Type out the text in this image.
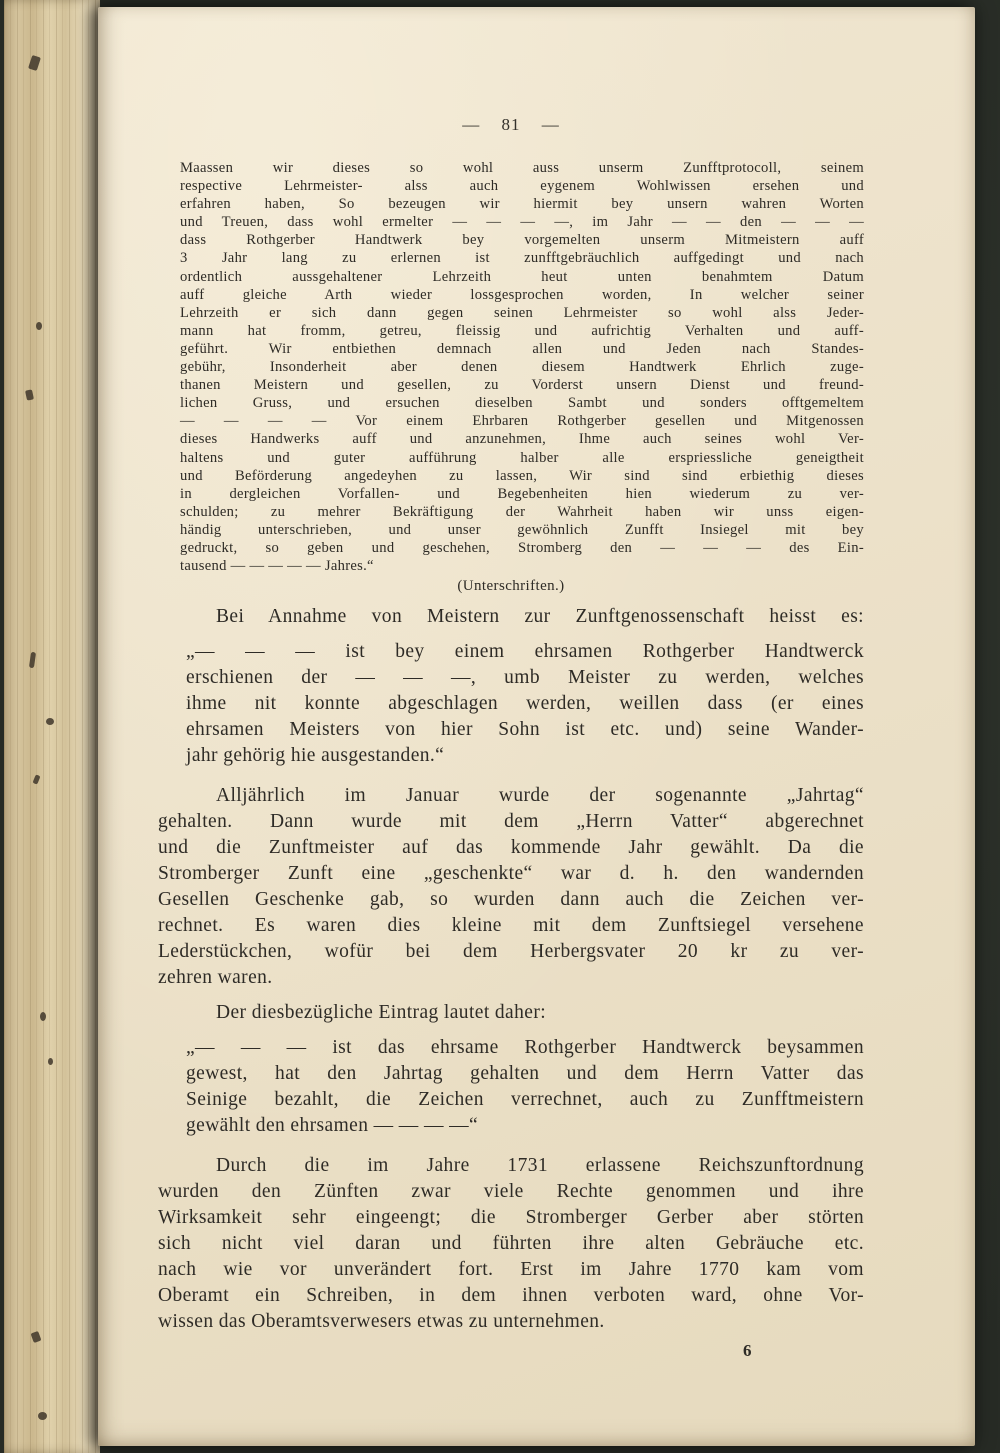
— 81 —
Maassen wir dieses so wohl auss unserm Zunfftprotocoll, seinem
respective Lehrmeister- alss auch eygenem Wohlwissen ersehen und
erfahren haben, So bezeugen wir hiermit bey unsern wahren Worten
und Treuen, dass wohl ermelter — — — —, im Jahr — — den — — —
dass Rothgerber Handtwerk bey vorgemelten unserm Mitmeistern auff
3 Jahr lang zu erlernen ist zunfftgebräuchlich auffgedingt und nach
ordentlich aussgehaltener Lehrzeith heut unten benahmtem Datum
auff gleiche Arth wieder lossgesprochen worden, In welcher seiner
Lehrzeith er sich dann gegen seinen Lehrmeister so wohl alss Jeder-
mann hat fromm, getreu, fleissig und aufrichtig Verhalten und auff-
geführt. Wir entbiethen demnach allen und Jeden nach Standes-
gebühr, Insonderheit aber denen diesem Handtwerk Ehrlich zuge-
thanen Meistern und gesellen, zu Vorderst unsern Dienst und freund-
lichen Gruss, und ersuchen dieselben Sambt und sonders offtgemeltem
— — — — Vor einem Ehrbaren Rothgerber gesellen und Mitgenossen
dieses Handwerks auff und anzunehmen, Ihme auch seines wohl Ver-
haltens und guter aufführung halber alle erspriessliche geneigtheit
und Beförderung angedeyhen zu lassen, Wir sind sind erbiethig dieses
in dergleichen Vorfallen- und Begebenheiten hien wiederum zu ver-
schulden; zu mehrer Bekräftigung der Wahrheit haben wir unss eigen-
händig unterschrieben, und unser gewöhnlich Zunfft Insiegel mit bey
gedruckt, so geben und geschehen, Stromberg den — — — des Ein-
tausend — — — — — Jahres.“
(Unterschriften.)
Bei Annahme von Meistern zur Zunftgenossenschaft heisst es:
„— — — ist bey einem ehrsamen Rothgerber Handtwerck
erschienen der — — —, umb Meister zu werden, welches
ihme nit konnte abgeschlagen werden, weillen dass (er eines
ehrsamen Meisters von hier Sohn ist etc. und) seine Wander-
jahr gehörig hie ausgestanden.“
Alljährlich im Januar wurde der sogenannte „Jahrtag“
gehalten. Dann wurde mit dem „Herrn Vatter“ abgerechnet
und die Zunftmeister auf das kommende Jahr gewählt. Da die
Stromberger Zunft eine „geschenkte“ war d. h. den wandernden
Gesellen Geschenke gab, so wurden dann auch die Zeichen ver-
rechnet. Es waren dies kleine mit dem Zunftsiegel versehene
Lederstückchen, wofür bei dem Herbergsvater 20 kr zu ver-
zehren waren.
Der diesbezügliche Eintrag lautet daher:
„— — — ist das ehrsame Rothgerber Handtwerck beysammen
gewest, hat den Jahrtag gehalten und dem Herrn Vatter das
Seinige bezahlt, die Zeichen verrechnet, auch zu Zunfftmeistern
gewählt den ehrsamen — — — —“
Durch die im Jahre 1731 erlassene Reichszunftordnung
wurden den Zünften zwar viele Rechte genommen und ihre
Wirksamkeit sehr eingeengt; die Stromberger Gerber aber störten
sich nicht viel daran und führten ihre alten Gebräuche etc.
nach wie vor unverändert fort. Erst im Jahre 1770 kam vom
Oberamt ein Schreiben, in dem ihnen verboten ward, ohne Vor-
wissen das Oberamtsverwesers etwas zu unternehmen.
6
